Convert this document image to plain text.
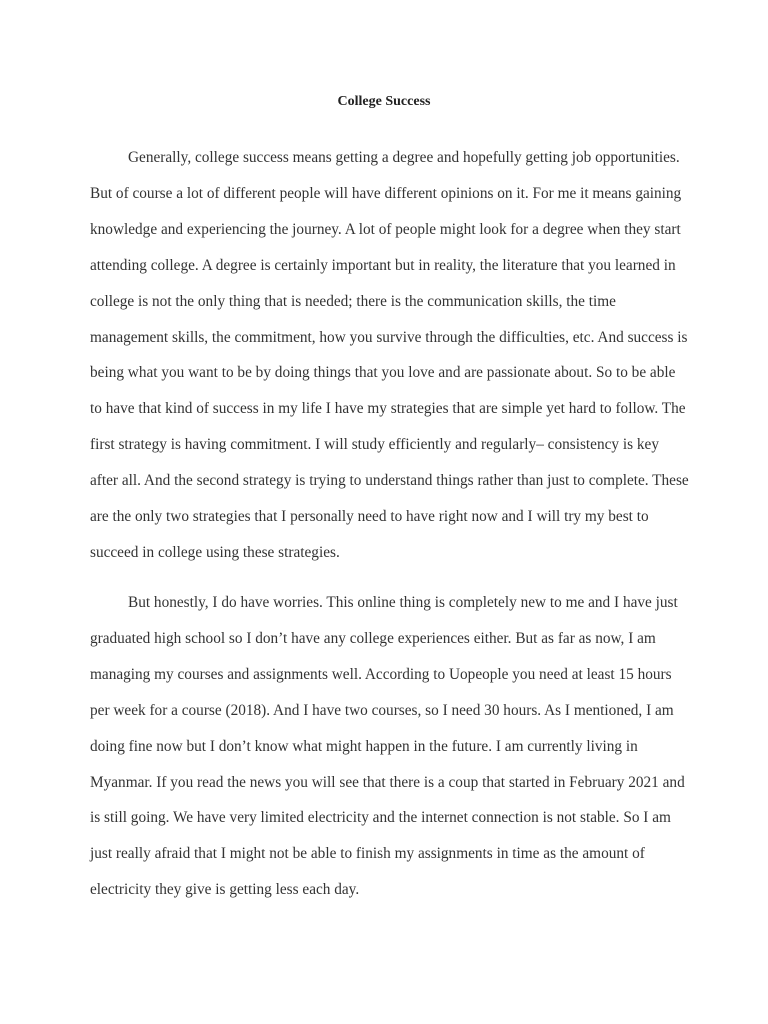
College Success

Generally, college success means getting a degree and hopefully getting job opportunities. But of course a lot of different people will have different opinions on it. For me it means gaining knowledge and experiencing the journey. A lot of people might look for a degree when they start attending college. A degree is certainly important but in reality, the literature that you learned in college is not the only thing that is needed; there is the communication skills, the time management skills, the commitment, how you survive through the difficulties, etc. And success is being what you want to be by doing things that you love and are passionate about. So to be able to have that kind of success in my life I have my strategies that are simple yet hard to follow. The first strategy is having commitment. I will study efficiently and regularly– consistency is key after all. And the second strategy is trying to understand things rather than just to complete. These are the only two strategies that I personally need to have right now and I will try my best to succeed in college using these strategies.

But honestly, I do have worries. This online thing is completely new to me and I have just graduated high school so I don’t have any college experiences either. But as far as now, I am managing my courses and assignments well. According to Uopeople you need at least 15 hours per week for a course (2018). And I have two courses, so I need 30 hours. As I mentioned, I am doing fine now but I don’t know what might happen in the future. I am currently living in Myanmar. If you read the news you will see that there is a coup that started in February 2021 and is still going. We have very limited electricity and the internet connection is not stable. So I am just really afraid that I might not be able to finish my assignments in time as the amount of electricity they give is getting less each day.
